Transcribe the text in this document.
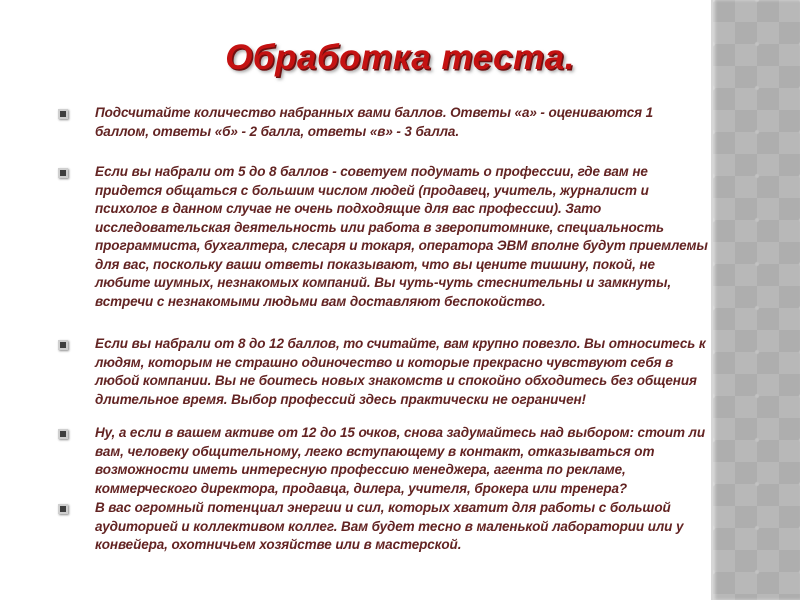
Обработка теста.
Подсчитайте количество набранных вами баллов. Ответы «а» - оцениваются 1 баллом, ответы «б» - 2 балла, ответы «в» - 3 балла.
Если вы набрали от 5 до 8 баллов - советуем подумать о профессии, где вам не придется общаться с большим числом людей (продавец, учитель, журналист и психолог в данном случае не очень подходящие для вас профессии). Зато исследовательская деятельность или работа в зверопитомнике, специальность программиста, бухгалтера, слесаря и токаря, оператора ЭВМ вполне будут приемлемы для вас, поскольку ваши ответы показывают, что вы цените тишину, покой, не любите шумных, незнакомых компаний. Вы чуть-чуть стеснительны и замкнуты, встречи с незнакомыми людьми вам доставляют беспокойство.
Если вы набрали от 8 до 12 баллов, то считайте, вам крупно повезло. Вы относитесь к людям, которым не страшно одиночество и которые прекрасно чувствуют себя в любой компании. Вы не боитесь новых знакомств и спокойно обходитесь без общения длительное время. Выбор профессий здесь практически не ограничен!
Ну, а если в вашем активе от 12 до 15 очков, снова задумайтесь над выбором: стоит ли вам, человеку общительному, легко вступающему в контакт, отказываться от возможности иметь интересную профессию менеджера, агента по рекламе, коммерческого директора, продавца, дилера, учителя, брокера или тренера?
В вас огромный потенциал энергии и сил, которых хватит для работы с большой аудиторией и коллективом коллег. Вам будет тесно в маленькой лаборатории или у конвейера, охотничьем хозяйстве или в мастерской.
